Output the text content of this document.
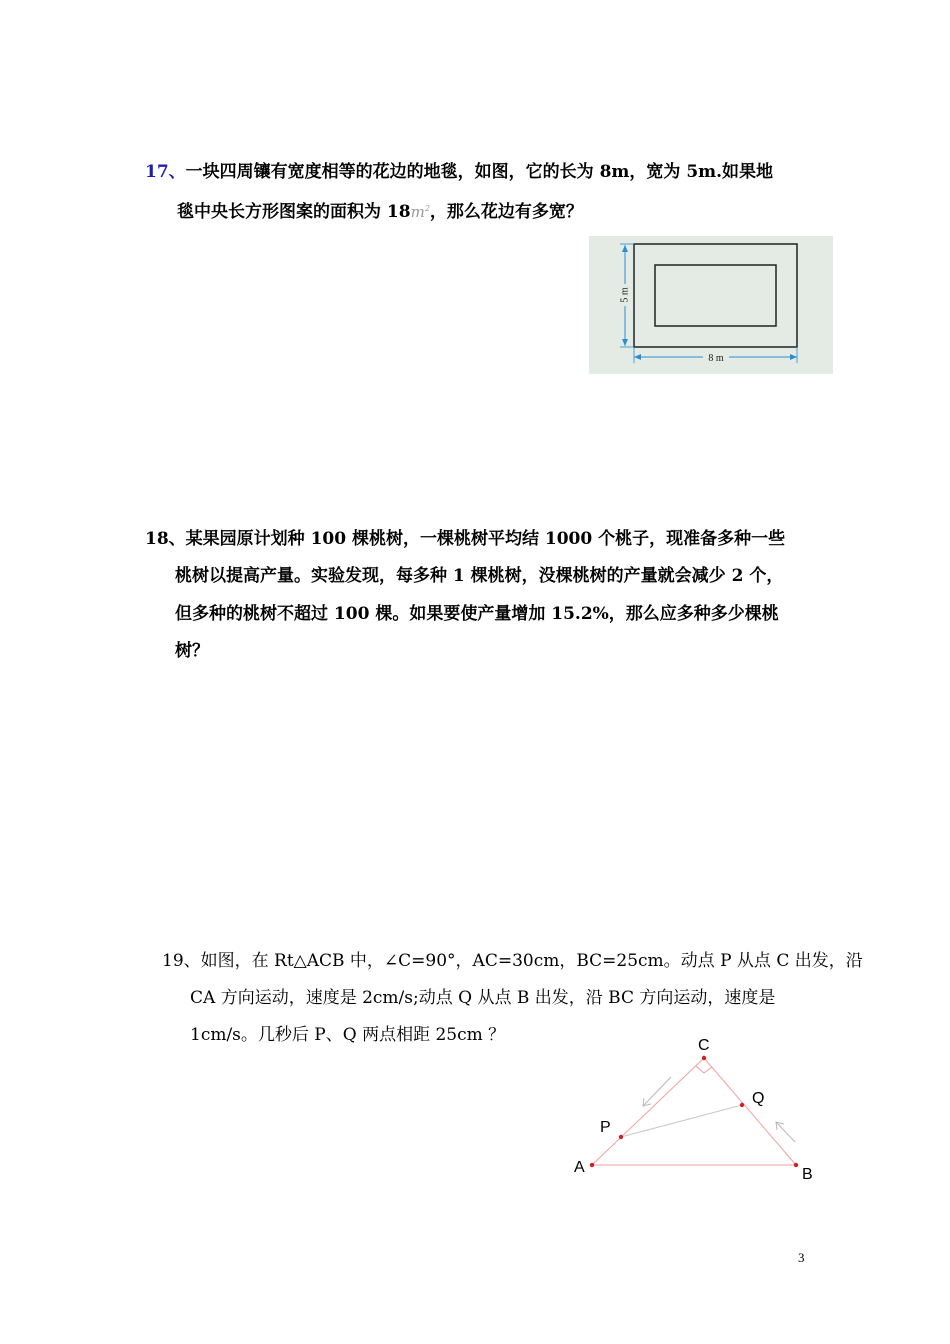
17、一块四周镶有宽度相等的花边的地毯，如图，它的长为 8m，宽为 5m.如果地
毯中央长方形图案的面积为 $18m^2$，那么花边有多宽？
5 m
8 m
18、某果园原计划种 100 棵桃树，一棵桃树平均结 1000 个桃子，现准备多种一些
桃树以提高产量。实验发现，每多种 1 棵桃树，没棵桃树的产量就会减少 2 个，
但多种的桃树不超过 100 棵。如果要使产量增加 15.2%，那么应多种多少棵桃
树？
19、如图，在 Rt△ACB 中，∠C=90°，AC=30cm，BC=25cm。动点 P 从点 C 出发，沿
CA 方向运动，速度是 2cm/s;动点 Q 从点 B 出发，沿 BC 方向运动，速度是
1cm/s。几秒后 P、Q 两点相距 25cm ？
A	B
C
P
Q
3
